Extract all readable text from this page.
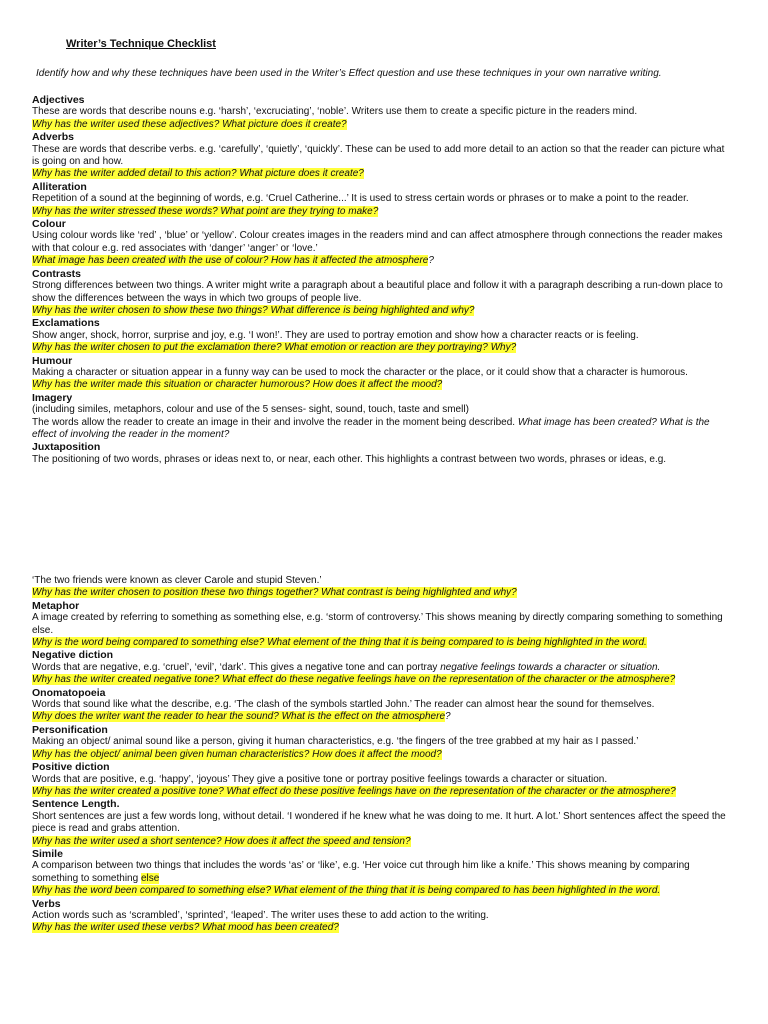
Writer’s Technique Checklist
Identify how and why these techniques have been used in the Writer’s Effect question and use these techniques in your own narrative writing.
Adjectives
These are words that describe nouns e.g. ‘harsh’, ‘excruciating’, ‘noble’. Writers use them to create a specific picture in the readers mind.
Why has the writer used these adjectives? What picture does it create?
Adverbs
These are words that describe verbs. e.g. ‘carefully’, ‘quietly’, ‘quickly’. These can be used to add more detail to an action so that the reader can picture what is going on and how.
Why has the writer added detail to this action? What picture does it create?
Alliteration
Repetition of a sound at the beginning of words, e.g. ‘Cruel Catherine...’ It is used to stress certain words or phrases or to make a point to the reader.
Why has the writer stressed these words? What point are they trying to make?
Colour
Using colour words like ‘red’ , ‘blue’ or ‘yellow’. Colour creates images in the readers mind and can affect atmosphere through connections the reader makes with that colour e.g. red associates with ‘danger’ ‘anger’ or ‘love.’
What image has been created with the use of colour? How has it affected the atmosphere?
Contrasts
Strong differences between two things. A writer might write a paragraph about a beautiful place and follow it with a paragraph describing a run-down place to show the differences between the ways in which two groups of people live.
Why has the writer chosen to show these two things? What difference is being highlighted and why?
Exclamations
Show anger, shock, horror, surprise and joy, e.g. ‘I won!’. They are used to portray emotion and show how a character reacts or is feeling.
Why has the writer chosen to put the exclamation there? What emotion or reaction are they portraying? Why?
Humour
Making a character or situation appear in a funny way can be used to mock the character or the place, or it could show that a character is humorous.
Why has the writer made this situation or character humorous? How does it affect the mood?
Imagery
(including similes, metaphors, colour and use of the 5 senses- sight, sound, touch, taste and smell)
The words allow the reader to create an image in their and involve the reader in the moment being described. What image has been created? What is the effect of involving the reader in the moment?
Juxtaposition
The positioning of two words, phrases or ideas next to, or near, each other. This highlights a contrast between two words, phrases or ideas, e.g.
‘The two friends were known as clever Carole and stupid Steven.’
Why has the writer chosen to position these two things together? What contrast is being highlighted and why?
Metaphor
A image created by referring to something as something else, e.g. ‘storm of controversy.’ This shows meaning by directly comparing something to something else.
Why is the word being compared to something else? What element of the thing that it is being compared to is being highlighted in the word.
Negative diction
Words that are negative, e.g. ‘cruel’, ‘evil’, ‘dark’. This gives a negative tone and can portray negative feelings towards a character or situation.
Why has the writer created negative tone? What effect do these negative feelings have on the representation of the character or the atmosphere?
Onomatopoeia
Words that sound like what the describe, e.g. ‘The clash of the symbols startled John.’ The reader can almost hear the sound for themselves.
Why does the writer want the reader to hear the sound? What is the effect on the atmosphere?
Personification
Making an object/ animal sound like a person, giving it human characteristics, e.g. ‘the fingers of the tree grabbed at my hair as I passed.’
Why has the object/ animal been given human characteristics? How does it affect the mood?
Positive diction
Words that are positive, e.g. ‘happy’, ‘joyous’ They give a positive tone or portray positive feelings towards a character or situation.
Why has the writer created a positive tone? What effect do these positive feelings have on the representation of the character or the atmosphere?
Sentence Length.
Short sentences are just a few words long, without detail. ‘I wondered if he knew what he was doing to me. It hurt. A lot.’ Short sentences affect the speed the piece is read and grabs attention.
Why has the writer used a short sentence? How does it affect the speed and tension?
Simile
A comparison between two things that includes the words ‘as’ or ‘like’, e.g. ‘Her voice cut through him like a knife.’ This shows meaning by comparing something to something else
Why has the word been compared to something else? What element of the thing that it is being compared to has been highlighted in the word.
Verbs
Action words such as ‘scrambled’, ‘sprinted’, ‘leaped’. The writer uses these to add action to the writing.
Why has the writer used these verbs? What mood has been created?
